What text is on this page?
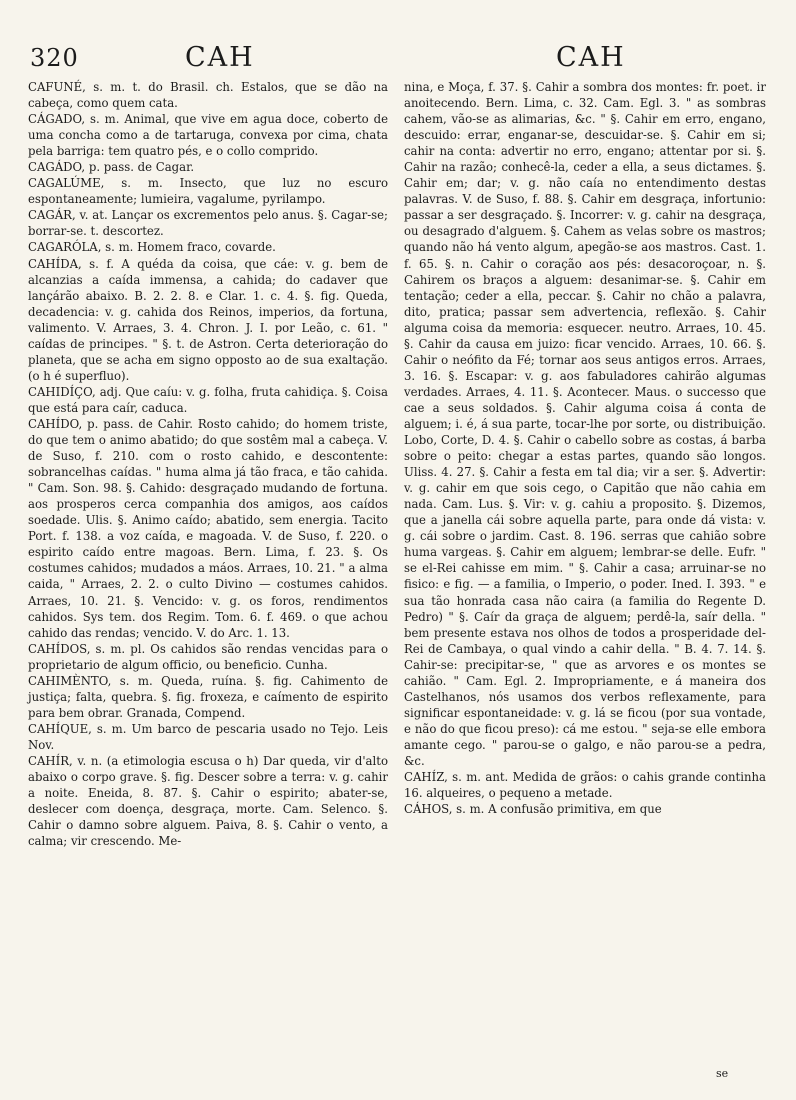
320	CAH	CAH

CAFUNÉ, s. m. t. do Brasil. ch. Estalos, que se dão na cabeça, como quem cata.

CÁGADO, s. m. Animal, que vive em agua doce, coberto de uma concha como a de tartaruga, convexa por cima, chata pela barriga: tem quatro pés, e o collo comprido.

CAGÁDO, p. pass. de Cagar.

CAGALÚME, s. m. Insecto, que luz no escuro espontaneamente; lumieira, vagalume, pyrilampo.

CAGÁR, v. at. Lançar os excrementos pelo anus. §. Cagar-se; borrar-se. t. descortez.

CAGARÓLA, s. m. Homem fraco, covarde.

CAHÍDA, s. f. A quéda da coisa, que cáe: v. g. bem de alcanzias a caída immensa, a cahida; do cadaver que lançárão abaixo. B. 2. 2. 8. e Clar. 1. c. 4. §. fig. Queda, decadencia: v. g. cahida dos Reinos, imperios, da fortuna, valimento. V. Arraes, 3. 4. Chron. J. I. por Leão, c. 61. " caídas de principes. " §. t. de Astron. Certa deterioração do planeta, que se acha em signo opposto ao de sua exaltação. (o h é superfluo).

CAHIDÍÇO, adj. Que caíu: v. g. folha, fruta cahidiça. §. Coisa que está para caír, caduca.

CAHÍDO, p. pass. de Cahir. Rosto cahido; do homem triste, do que tem o animo abatido; do que sostêm mal a cabeça. V. de Suso, f. 210. com o rosto cahido, e descontente: sobrancelhas caídas. " huma alma já tão fraca, e tão cahida. " Cam. Son. 98. §. Cahido: desgraçado mudando de fortuna. aos prosperos cerca companhia dos amigos, aos caídos soedade. Ulis. §. Animo caído; abatido, sem energia. Tacito Port. f. 138. a voz caída, e magoada. V. de Suso, f. 220. o espirito caído entre magoas. Bern. Lima, f. 23. §. Os costumes cahidos; mudados a máos. Arraes, 10. 21. " a alma caida, " Arraes, 2. 2. o culto Divino — costumes cahidos. Arraes, 10. 21. §. Vencido: v. g. os foros, rendimentos cahidos. Sys tem. dos Regim. Tom. 6. f. 469. o que achou cahido das rendas; vencido. V. do Arc. 1. 13.

CAHÍDOS, s. m. pl. Os cahidos são rendas vencidas para o proprietario de algum officio, ou beneficio. Cunha.

CAHIMÈNTO, s. m. Queda, ruína. §. fig. Cahimento de justiça; falta, quebra. §. fig. froxeza, e caímento de espirito para bem obrar. Granada, Compend.

CAHÍQUE, s. m. Um barco de pescaria usado no Tejo. Leis Nov.

CAHÍR, v. n. (a etimologia escusa o h) Dar queda, vir d'alto abaixo o corpo grave. §. fig. Descer sobre a terra: v. g. cahir a noite. Eneida, 8. 87. §. Cahir o espirito; abater-se, deslecer com doença, desgraça, morte. Cam. Selenco. §. Cahir o damno sobre alguem. Paiva, 8. §. Cahir o vento, a calma; vir crescendo. Me-

nina, e Moça, f. 37. §. Cahir a sombra dos montes: fr. poet. ir anoitecendo. Bern. Lima, c. 32. Cam. Egl. 3. " as sombras cahem, vão-se as alimarias, &c. " §. Cahir em erro, engano, descuido: errar, enganar-se, descuidar-se. §. Cahir em si; cahir na conta: advertir no erro, engano; attentar por si. §. Cahir na razão; conhecê-la, ceder a ella, a seus dictames. §. Cahir em; dar; v. g. não caía no entendimento destas palavras. V. de Suso, f. 88. §. Cahir em desgraça, infortunio: passar a ser desgraçado. §. Incorrer: v. g. cahir na desgraça, ou desagrado d'alguem. §. Cahem as velas sobre os mastros; quando não há vento algum, apegão-se aos mastros. Cast. 1. f. 65. §. n. Cahir o coração aos pés: desacoroçoar, n. §. Cahirem os braços a alguem: desanimar-se. §. Cahir em tentação; ceder a ella, peccar. §. Cahir no chão a palavra, dito, pratica; passar sem advertencia, reflexão. §. Cahir alguma coisa da memoria: esquecer. neutro. Arraes, 10. 45. §. Cahir da causa em juizo: ficar vencido. Arraes, 10. 66. §. Cahir o neófito da Fé; tornar aos seus antigos erros. Arraes, 3. 16. §. Escapar: v. g. aos fabuladores cahirão algumas verdades. Arraes, 4. 11. §. Acontecer. Maus. o successo que cae a seus soldados. §. Cahir alguma coisa á conta de alguem; i. é, á sua parte, tocar-lhe por sorte, ou distribuição. Lobo, Corte, D. 4. §. Cahir o cabello sobre as costas, á barba sobre o peito: chegar a estas partes, quando são longos. Uliss. 4. 27. §. Cahir a festa em tal dia; vir a ser. §. Advertir: v. g. cahir em que sois cego, o Capitão que não cahia em nada. Cam. Lus. §. Vir: v. g. cahiu a proposito. §. Dizemos, que a janella cái sobre aquella parte, para onde dá vista: v. g. cái sobre o jardim. Cast. 8. 196. serras que cahião sobre huma vargeas. §. Cahir em alguem; lembrar-se delle. Eufr. " se el-Rei cahisse em mim. " §. Cahir a casa; arruinar-se no fisico: e fig. — a familia, o Imperio, o poder. Ined. I. 393. " e sua tão honrada casa não caira (a familia do Regente D. Pedro) " §. Caír da graça de alguem; perdê-la, saír della. " bem presente estava nos olhos de todos a prosperidade del-Rei de Cambaya, o qual vindo a cahir della. " B. 4. 7. 14. §. Cahir-se: precipitar-se, " que as arvores e os montes se cahião. " Cam. Egl. 2. Impropriamente, e á maneira dos Castelhanos, nós usamos dos verbos reflexamente, para significar espontaneidade: v. g. lá se ficou (por sua vontade, e não do que ficou preso): cá me estou. " seja-se elle embora amante cego. " parou-se o galgo, e não parou-se a pedra, &c.

CAHÍZ, s. m. ant. Medida de grãos: o cahis grande continha 16. alqueires, o pequeno a metade.

CÁHOS, s. m. A confusão primitiva, em que

se
